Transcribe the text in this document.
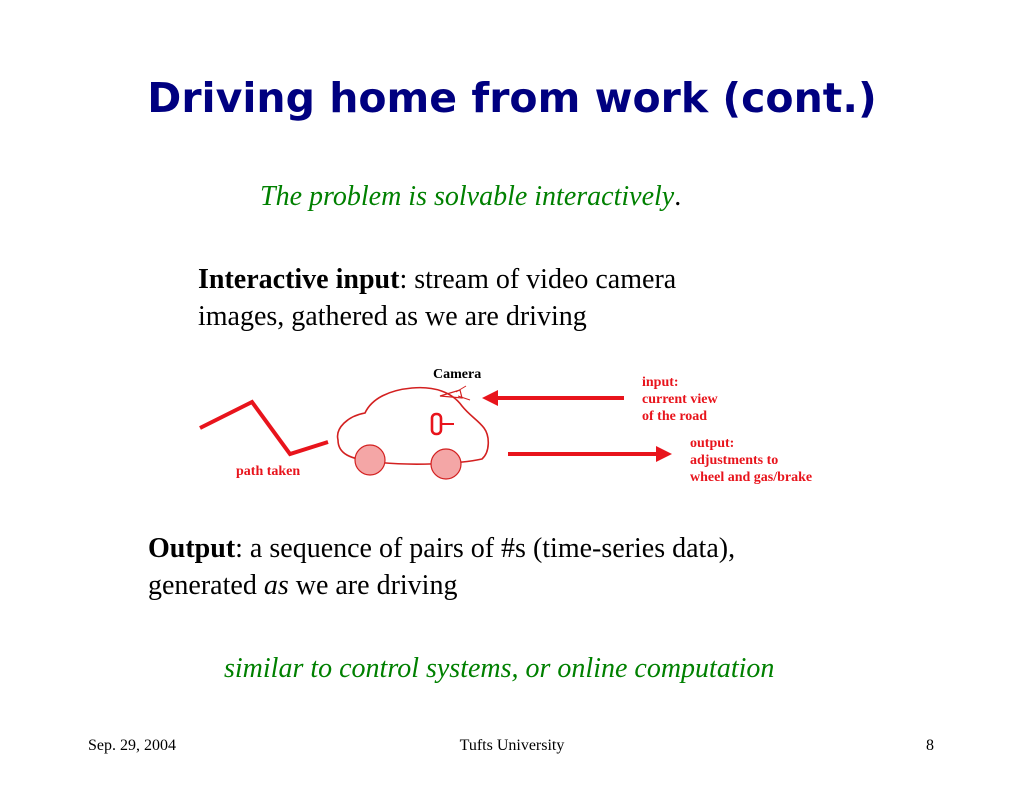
Driving home from work (cont.)
The problem is solvable interactively.
Interactive input: stream of video camera
images, gathered as we are driving
path taken
Camera
input: current view of the road
output: adjustments to wheel and gas/brake
Output: a sequence of pairs of #s (time-series data),
generated as we are driving
similar to control systems, or online computation
Sep. 29, 2004	Tufts University	8
